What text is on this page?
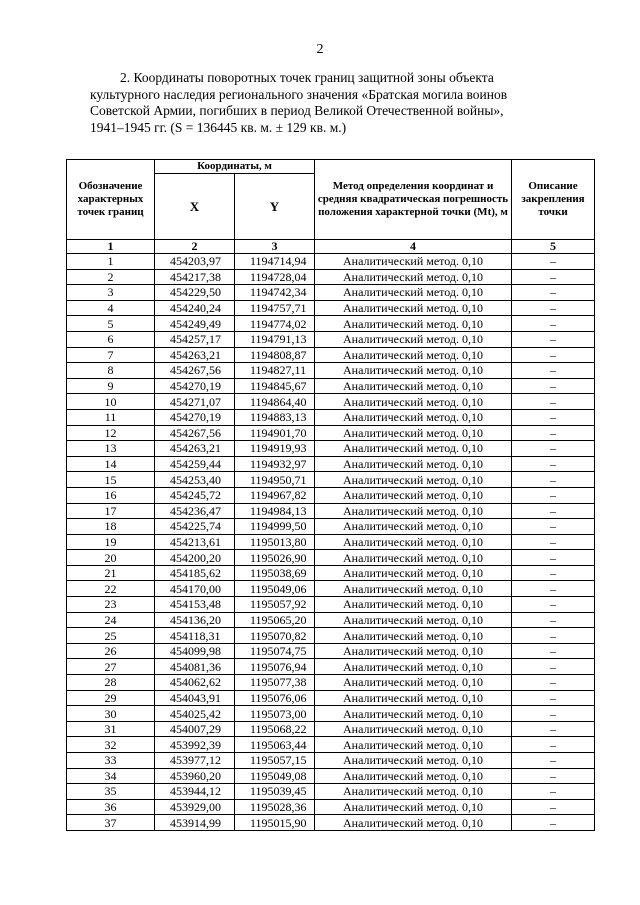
2
2. Координаты поворотных точек границ защитной зоны объекта
культурного наследия регионального значения «Братская могила воинов
Советской Армии, погибших в период Великой Отечественной войны»,
1941–1945 гг. (S = 136445 кв. м. ± 129 кв. м.)
Обозначение характерных точек границ	Координаты, м		Метод определения координат и средняя квадратическая погрешность положения характерной точки (Mt), м	Описание закрепления точки
	X	Y		
1	2	3	4	5
1	454203,97	1194714,94	Аналитический метод. 0,10	–
2	454217,38	1194728,04	Аналитический метод. 0,10	–
3	454229,50	1194742,34	Аналитический метод. 0,10	–
4	454240,24	1194757,71	Аналитический метод. 0,10	–
5	454249,49	1194774,02	Аналитический метод. 0,10	–
6	454257,17	1194791,13	Аналитический метод. 0,10	–
7	454263,21	1194808,87	Аналитический метод. 0,10	–
8	454267,56	1194827,11	Аналитический метод. 0,10	–
9	454270,19	1194845,67	Аналитический метод. 0,10	–
10	454271,07	1194864,40	Аналитический метод. 0,10	–
11	454270,19	1194883,13	Аналитический метод. 0,10	–
12	454267,56	1194901,70	Аналитический метод. 0,10	–
13	454263,21	1194919,93	Аналитический метод. 0,10	–
14	454259,44	1194932,97	Аналитический метод. 0,10	–
15	454253,40	1194950,71	Аналитический метод. 0,10	–
16	454245,72	1194967,82	Аналитический метод. 0,10	–
17	454236,47	1194984,13	Аналитический метод. 0,10	–
18	454225,74	1194999,50	Аналитический метод. 0,10	–
19	454213,61	1195013,80	Аналитический метод. 0,10	–
20	454200,20	1195026,90	Аналитический метод. 0,10	–
21	454185,62	1195038,69	Аналитический метод. 0,10	–
22	454170,00	1195049,06	Аналитический метод. 0,10	–
23	454153,48	1195057,92	Аналитический метод. 0,10	–
24	454136,20	1195065,20	Аналитический метод. 0,10	–
25	454118,31	1195070,82	Аналитический метод. 0,10	–
26	454099,98	1195074,75	Аналитический метод. 0,10	–
27	454081,36	1195076,94	Аналитический метод. 0,10	–
28	454062,62	1195077,38	Аналитический метод. 0,10	–
29	454043,91	1195076,06	Аналитический метод. 0,10	–
30	454025,42	1195073,00	Аналитический метод. 0,10	–
31	454007,29	1195068,22	Аналитический метод. 0,10	–
32	453992,39	1195063,44	Аналитический метод. 0,10	–
33	453977,12	1195057,15	Аналитический метод. 0,10	–
34	453960,20	1195049,08	Аналитический метод. 0,10	–
35	453944,12	1195039,45	Аналитический метод. 0,10	–
36	453929,00	1195028,36	Аналитический метод. 0,10	–
37	453914,99	1195015,90	Аналитический метод. 0,10	–
